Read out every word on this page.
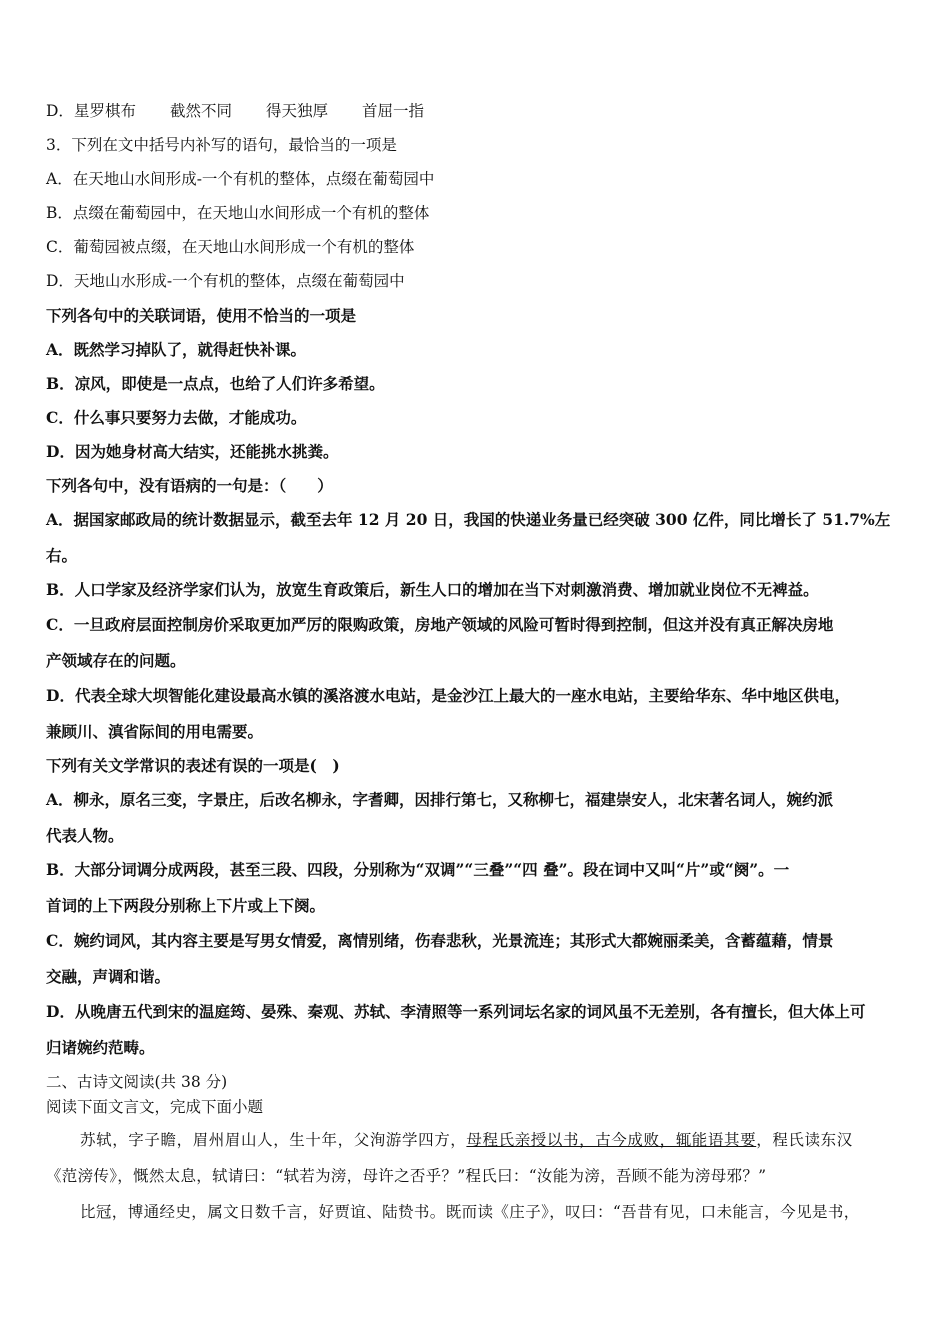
D．星罗棋布 截然不同 得天独厚 首屈一指
3．下列在文中括号内补写的语句，最恰当的一项是
A．在天地山水间形成-一个有机的整体，点缀在葡萄园中
B．点缀在葡萄园中，在天地山水间形成一个有机的整体
C．葡萄园被点缀，在天地山水间形成一个有机的整体
D．天地山水形成-一个有机的整体，点缀在葡萄园中
下列各句中的关联词语，使用不恰当的一项是
A．既然学习掉队了，就得赶快补课。
B．凉风，即使是一点点，也给了人们许多希望。
C．什么事只要努力去做，才能成功。
D．因为她身材高大结实，还能挑水挑粪。
下列各句中，没有语病的一句是：（　　）
A．据国家邮政局的统计数据显示，截至去年 12 月 20 日，我国的快递业务量已经突破 300 亿件，同比增长了 51.7%左
右。
B．人口学家及经济学家们认为，放宽生育政策后，新生人口的增加在当下对刺激消费、增加就业岗位不无裨益。
C．一旦政府层面控制房价采取更加严厉的限购政策，房地产领域的风险可暂时得到控制，但这并没有真正解决房地
产领域存在的问题。
D．代表全球大坝智能化建设最高水镇的溪洛渡水电站，是金沙江上最大的一座水电站，主要给华东、华中地区供电，
兼顾川、滇省际间的用电需要。
下列有关文学常识的表述有误的一项是(　)
A．柳永，原名三变，字景庄，后改名柳永，字耆卿，因排行第七，又称柳七，福建崇安人，北宋著名词人，婉约派
代表人物。
B．大部分词调分成两段，甚至三段、四段，分别称为“双调”“三叠”“四 叠”。段在词中又叫“片”或“阕”。一
首词的上下两段分别称上下片或上下阕。
C．婉约词风，其内容主要是写男女情爱，离情别绪，伤春悲秋，光景流连；其形式大都婉丽柔美，含蓄蕴藉，情景
交融，声调和谐。
D．从晚唐五代到宋的温庭筠、晏殊、秦观、苏轼、李清照等一系列词坛名家的词风虽不无差别，各有擅长，但大体上可
归诸婉约范畴。
二、古诗文阅读(共 38 分)
阅读下面文言文，完成下面小题
苏轼，字子瞻，眉州眉山人，生十年，父洵游学四方，母程氏亲授以书，古今成败，辄能语其要，程氏读东汉
《范滂传》，慨然太息，轼请曰：“轼若为滂，母许之否乎？”程氏曰：“汝能为滂，吾顾不能为滂母邪？”
比冠，博通经史，属文日数千言，好贾谊、陆贽书。既而读《庄子》，叹曰：“吾昔有见，口未能言，今见是书，
